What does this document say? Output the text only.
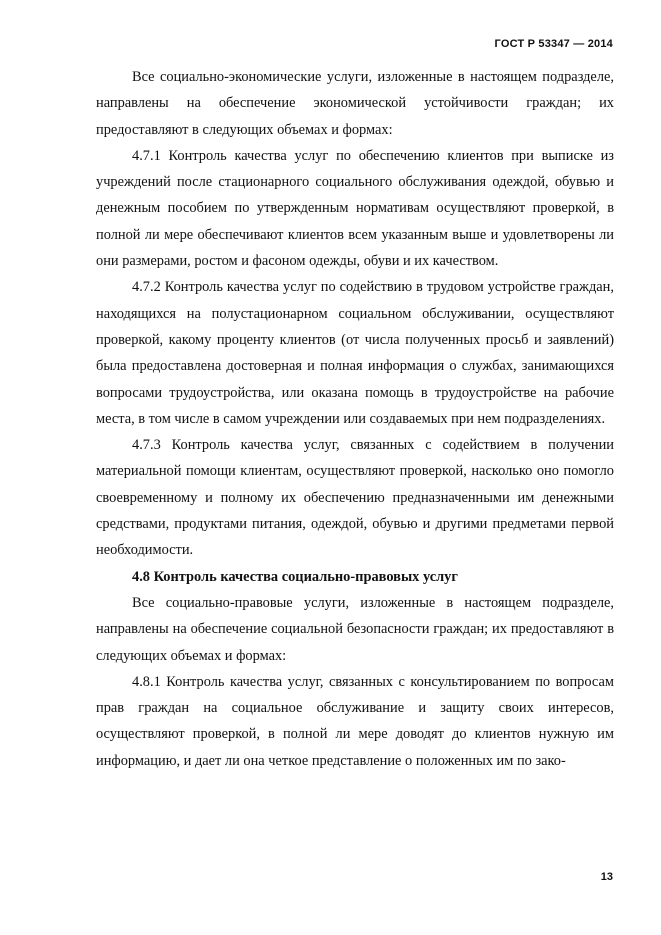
ГОСТ Р 53347 — 2014

Все социально-экономические услуги, изложенные в настоящем подразделе, направлены на обеспечение экономической устойчивости граждан; их предоставляют в следующих объемах и формах:

4.7.1 Контроль качества услуг по обеспечению клиентов при выписке из учреждений после стационарного социального обслуживания одеждой, обувью и денежным пособием по утвержденным нормативам осуществляют проверкой, в полной ли мере обеспечивают клиентов всем указанным выше и удовлетворены ли они размерами, ростом и фасоном одежды, обуви и их качеством.

4.7.2 Контроль качества услуг по содействию в трудовом устройстве граждан, находящихся на полустационарном социальном обслуживании, осуществляют проверкой, какому проценту клиентов (от числа полученных просьб и заявлений) была предоставлена достоверная и полная информация о службах, занимающихся вопросами трудоустройства, или оказана помощь в трудоустройстве на рабочие места, в том числе в самом учреждении или создаваемых при нем подразделениях.

4.7.3 Контроль качества услуг, связанных с содействием в получении материальной помощи клиентам, осуществляют проверкой, насколько оно помогло своевременному и полному их обеспечению предназначенными им денежными средствами, продуктами питания, одеждой, обувью и другими предметами первой необходимости.

4.8 Контроль качества социально-правовых услуг

Все социально-правовые услуги, изложенные в настоящем подразделе, направлены на обеспечение социальной безопасности граждан; их предоставляют в следующих объемах и формах:

4.8.1 Контроль качества услуг, связанных с консультированием по вопросам прав граждан на социальное обслуживание и защиту своих интересов, осуществляют проверкой, в полной ли мере доводят до клиентов нужную им информацию, и дает ли она четкое представление о положенных им по зако-

13
